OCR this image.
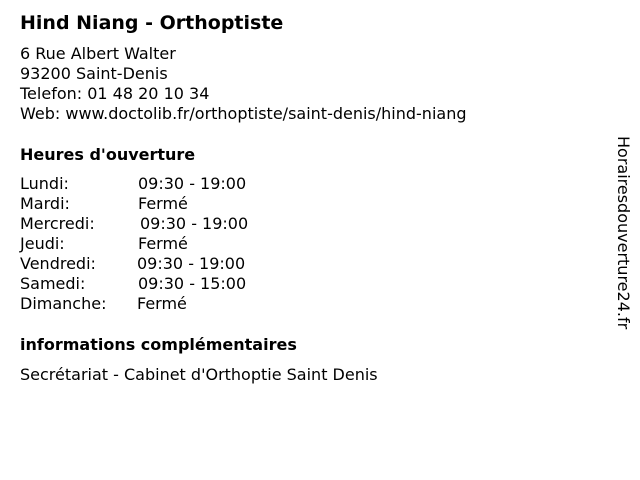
Hind Niang - Orthoptiste
6 Rue Albert Walter
93200 Saint-Denis
Telefon: 01 48 20 10 34
Web: www.doctolib.fr/orthoptiste/saint-denis/hind-niang
Heures d'ouverture
Lundi:	09:30 - 19:00
Mardi:	Fermé
Mercredi:	09:30 - 19:00
Jeudi:	Fermé
Vendredi:	09:30 - 19:00
Samedi:	09:30 - 15:00
Dimanche: Fermé
informations complémentaires
Secrétariat - Cabinet d'Orthoptie Saint Denis
Horairesdouverture24.fr
